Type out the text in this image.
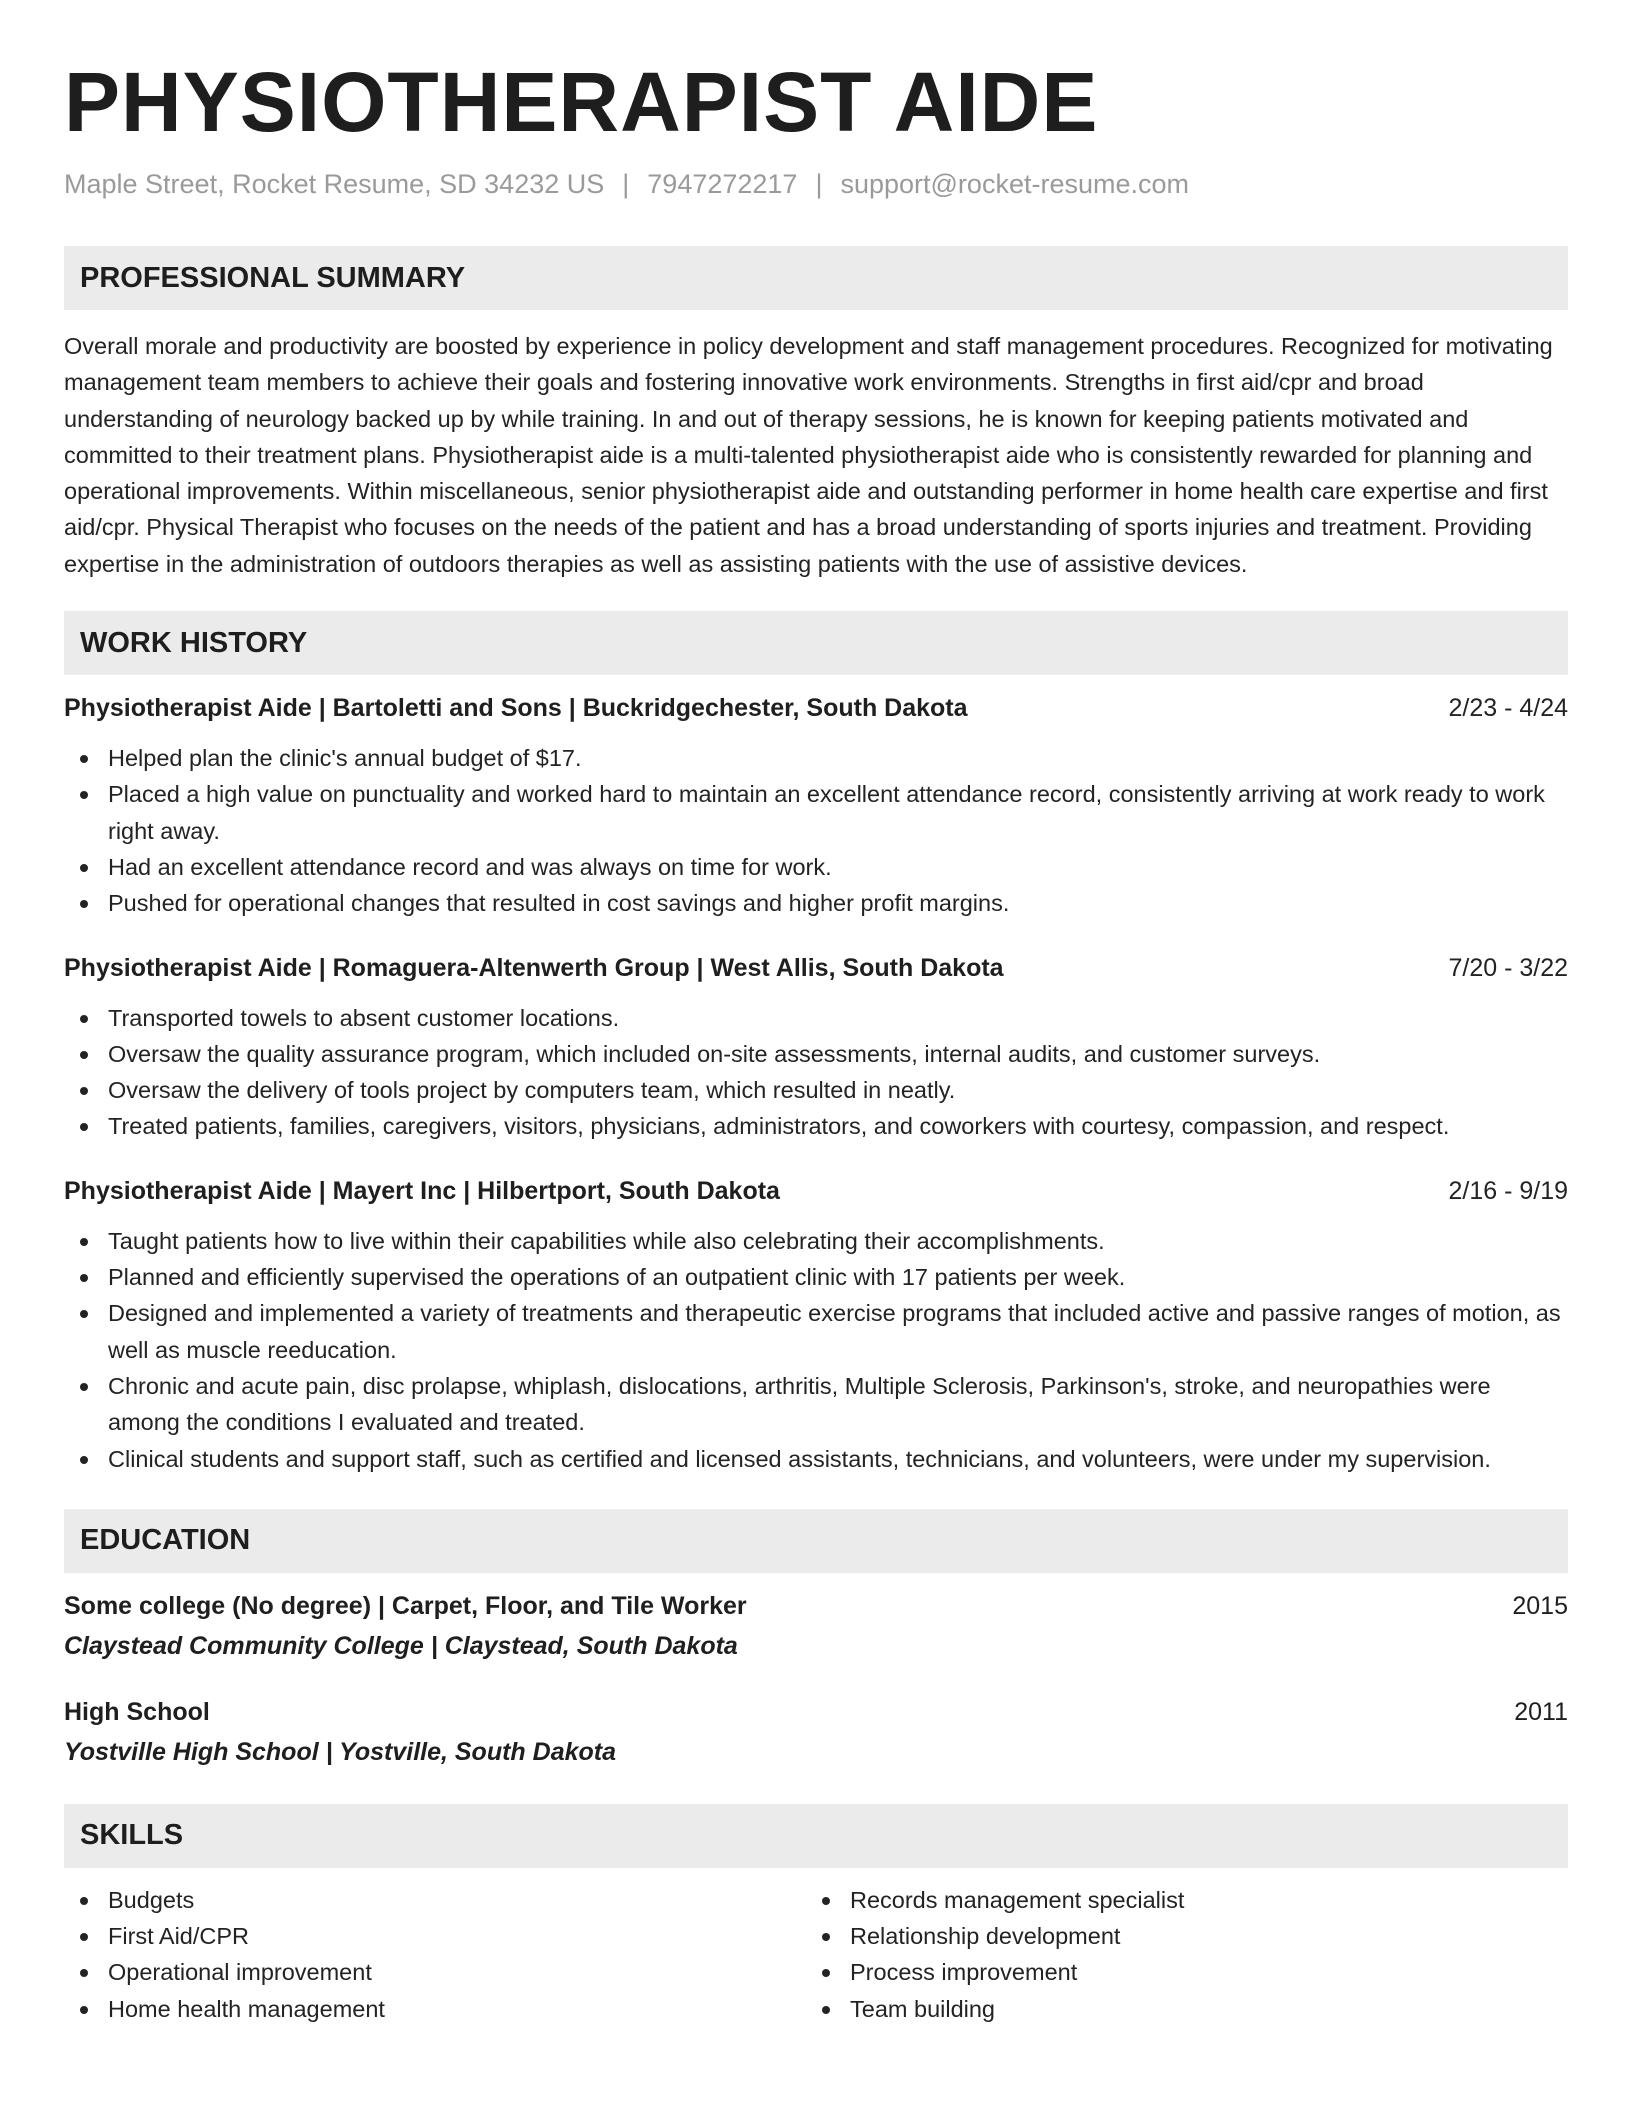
PHYSIOTHERAPIST AIDE
Maple Street, Rocket Resume, SD 34232 US | 7947272217 | support@rocket-resume.com
PROFESSIONAL SUMMARY
Overall morale and productivity are boosted by experience in policy development and staff management procedures. Recognized for motivating management team members to achieve their goals and fostering innovative work environments. Strengths in first aid/cpr and broad understanding of neurology backed up by while training. In and out of therapy sessions, he is known for keeping patients motivated and committed to their treatment plans. Physiotherapist aide is a multi-talented physiotherapist aide who is consistently rewarded for planning and operational improvements. Within miscellaneous, senior physiotherapist aide and outstanding performer in home health care expertise and first aid/cpr. Physical Therapist who focuses on the needs of the patient and has a broad understanding of sports injuries and treatment. Providing expertise in the administration of outdoors therapies as well as assisting patients with the use of assistive devices.
WORK HISTORY
Physiotherapist Aide | Bartoletti and Sons | Buckridgechester, South Dakota	2/23 - 4/24
Helped plan the clinic's annual budget of $17.
Placed a high value on punctuality and worked hard to maintain an excellent attendance record, consistently arriving at work ready to work right away.
Had an excellent attendance record and was always on time for work.
Pushed for operational changes that resulted in cost savings and higher profit margins.
Physiotherapist Aide | Romaguera-Altenwerth Group | West Allis, South Dakota	7/20 - 3/22
Transported towels to absent customer locations.
Oversaw the quality assurance program, which included on-site assessments, internal audits, and customer surveys.
Oversaw the delivery of tools project by computers team, which resulted in neatly.
Treated patients, families, caregivers, visitors, physicians, administrators, and coworkers with courtesy, compassion, and respect.
Physiotherapist Aide | Mayert Inc | Hilbertport, South Dakota	2/16 - 9/19
Taught patients how to live within their capabilities while also celebrating their accomplishments.
Planned and efficiently supervised the operations of an outpatient clinic with 17 patients per week.
Designed and implemented a variety of treatments and therapeutic exercise programs that included active and passive ranges of motion, as well as muscle reeducation.
Chronic and acute pain, disc prolapse, whiplash, dislocations, arthritis, Multiple Sclerosis, Parkinson's, stroke, and neuropathies were among the conditions I evaluated and treated.
Clinical students and support staff, such as certified and licensed assistants, technicians, and volunteers, were under my supervision.
EDUCATION
Some college (No degree) | Carpet, Floor, and Tile Worker	2015
Claystead Community College | Claystead, South Dakota
High School	2011
Yostville High School | Yostville, South Dakota
SKILLS
Budgets
First Aid/CPR
Operational improvement
Home health management
Records management specialist
Relationship development
Process improvement
Team building
